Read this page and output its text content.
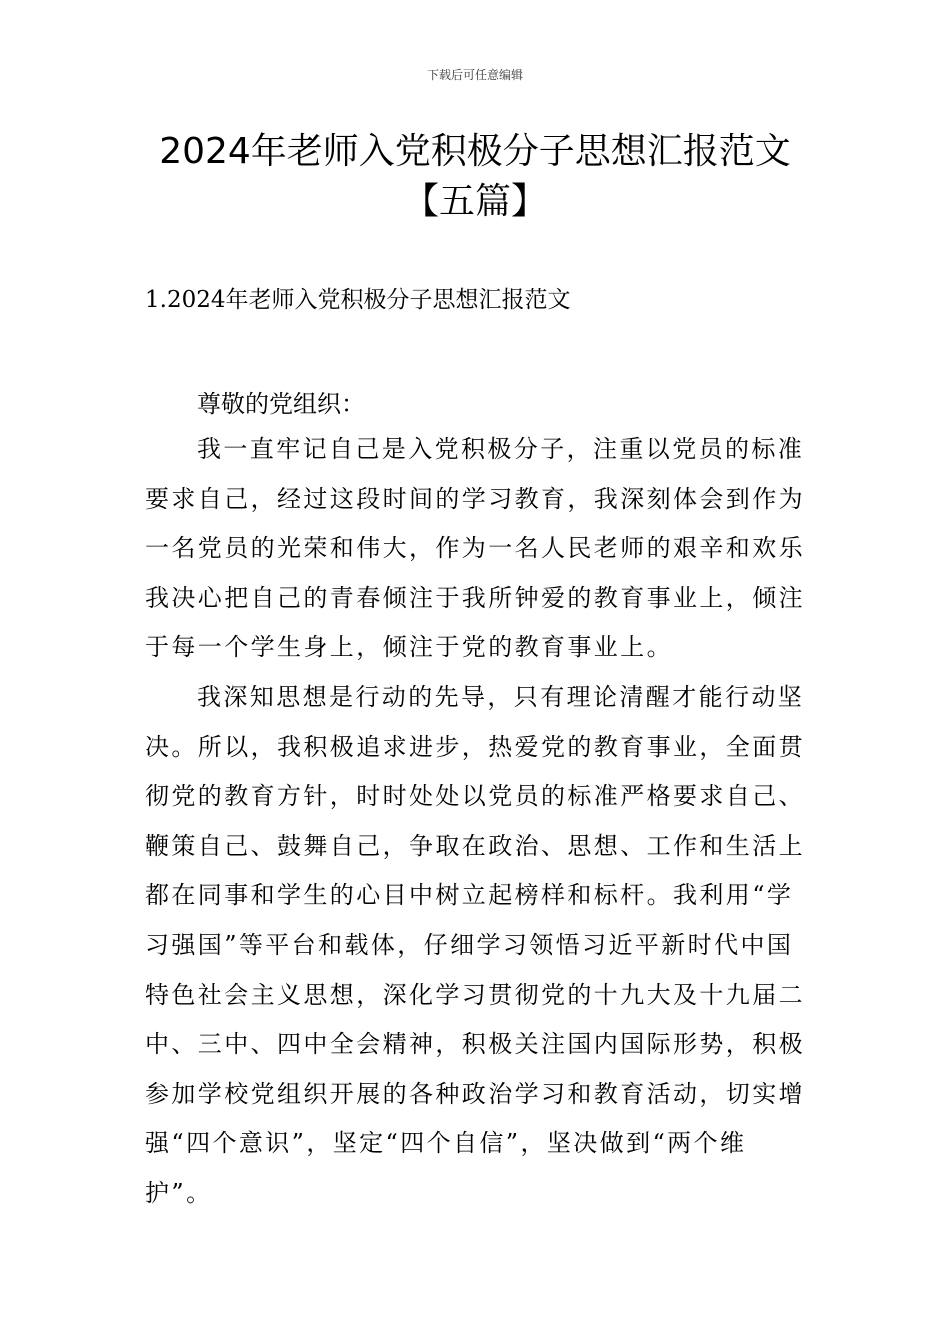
下载后可任意编辑
2024年老师入党积极分子思想汇报范文
【五篇】
1.2024年老师入党积极分子思想汇报范文

尊敬的党组织：

我一直牢记自己是入党积极分子，注重以党员的标准要求自己，经过这段时间的学习教育，我深刻体会到作为一名党员的光荣和伟大，作为一名人民老师的艰辛和欢乐我决心把自己的青春倾注于我所钟爱的教育事业上，倾注于每一个学生身上，倾注于党的教育事业上。

我深知思想是行动的先导，只有理论清醒才能行动坚决。所以，我积极追求进步，热爱党的教育事业，全面贯彻党的教育方针，时时处处以党员的标准严格要求自己、鞭策自己、鼓舞自己，争取在政治、思想、工作和生活上都在同事和学生的心目中树立起榜样和标杆。我利用“学习强国”等平台和载体，仔细学习领悟习近平新时代中国特色社会主义思想，深化学习贯彻党的十九大及十九届二中、三中、四中全会精神，积极关注国内国际形势，积极参加学校党组织开展的各种政治学习和教育活动，切实增强“四个意识”，坚定“四个自信”，坚决做到“两个维护”。
